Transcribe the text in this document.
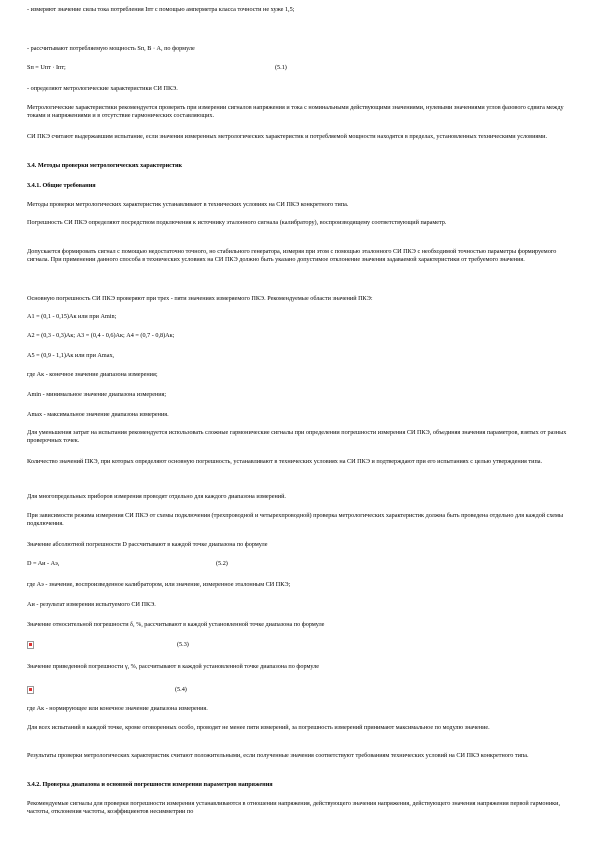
- измеряют значение силы тока потребления Iпт с помощью амперметра класса точности не хуже 1,5;

- рассчитывают потребляемую мощность Sп, В · А, по формуле

Sп = Uпт · Iпт;	(5.1)

- определяют метрологические характеристики СИ ПКЭ.

Метрологические характеристики рекомендуется проверять при измерении сигналов напряжения и тока с номинальными действующими значениями, нулевыми значениями углов фазового сдвига между токами и напряжениями и в отсутствие гармонических составляющих.

СИ ПКЭ считают выдержавшим испытание, если значения измеренных метрологических характеристик и потребляемой мощности находятся в пределах, установленных техническими условиями.

3.4. Методы проверки метрологических характеристик

3.4.1. Общие требования

Методы проверки метрологических характеристик устанавливают в технических условиях на СИ ПКЭ конкретного типа.

Погрешность СИ ПКЭ определяют посредством подключения к источнику эталонного сигнала (калибратору), воспроизводящему соответствующий параметр.

Допускается формировать сигнал с помощью недостаточно точного, но стабильного генератора, измеряя при этом с помощью эталонного СИ ПКЭ с необходимой точностью параметры формируемого сигнала. При применении данного способа в технических условиях на СИ ПКЭ должно быть указано допустимое отклонение значения задаваемой характеристики от требуемого значения.

Основную погрешность СИ ПКЭ проверяют при трех - пяти значениях измеряемого ПКЭ. Рекомендуемые области значений ПКЭ:

A1 = (0,1 - 0,15)Aк или при Amin;

A2 = (0,3 - 0,3)Aк; A3 = (0,4 - 0,6)Aк; A4 = (0,7 - 0,8)Aк;

A5 = (0,9 - 1,1)Aк или при Amax,

где Aк - конечное значение диапазона измерения;

Amin - минимальное значение диапазона измерения;

Amax - максимальное значение диапазона измерения.

Для уменьшения затрат на испытания рекомендуется использовать сложные гармонические сигналы при определении погрешности измерения СИ ПКЭ, объединяя значения параметров, взятых от разных проверочных точек.

Количество значений ПКЭ, при которых определяют основную погрешность, устанавливают в технических условиях на СИ ПКЭ и подтверждают при его испытаниях с целью утверждения типа.

Для многопредельных приборов измерения проводят отдельно для каждого диапазона измерений.

При зависимости режима измерения СИ ПКЭ от схемы подключения (трехпроводной и четырехпроводной) проверка метрологических характеристик должна быть проведена отдельно для каждой схемы подключения.

Значение абсолютной погрешности D рассчитывают в каждой точке диапазона по формуле

D = Aи - Aэ,	(5.2)

где Aэ - значение, воспроизведенное калибратором, или значение, измеренное эталонным СИ ПКЭ;

Aи - результат измерения испытуемого СИ ПКЭ.

Значение относительной погрешности δ, %, рассчитывают в каждой установленной точке диапазона по формуле

(5.3)

Значение приведенной погрешности γ, %, рассчитывают в каждой установленной точке диапазона по формуле

(5.4)

где Aк - нормирующее или конечное значение диапазона измерения.

Для всех испытаний в каждой точке, кроме оговоренных особо, проводят не менее пяти измерений, за погрешность измерений принимают максимальное по модулю значение.

Результаты проверки метрологических характеристик считают положительными, если полученные значения соответствуют требованиям технических условий на СИ ПКЭ конкретного типа.

3.4.2. Проверка диапазона и основной погрешности измерения параметров напряжения

Рекомендуемые сигналы для проверки погрешности измерения устанавливаются в отношении напряжения, действующего значения напряжения, действующего значения напряжения первой гармоники, частоты, отклонения частоты, коэффициентов несимметрии по
